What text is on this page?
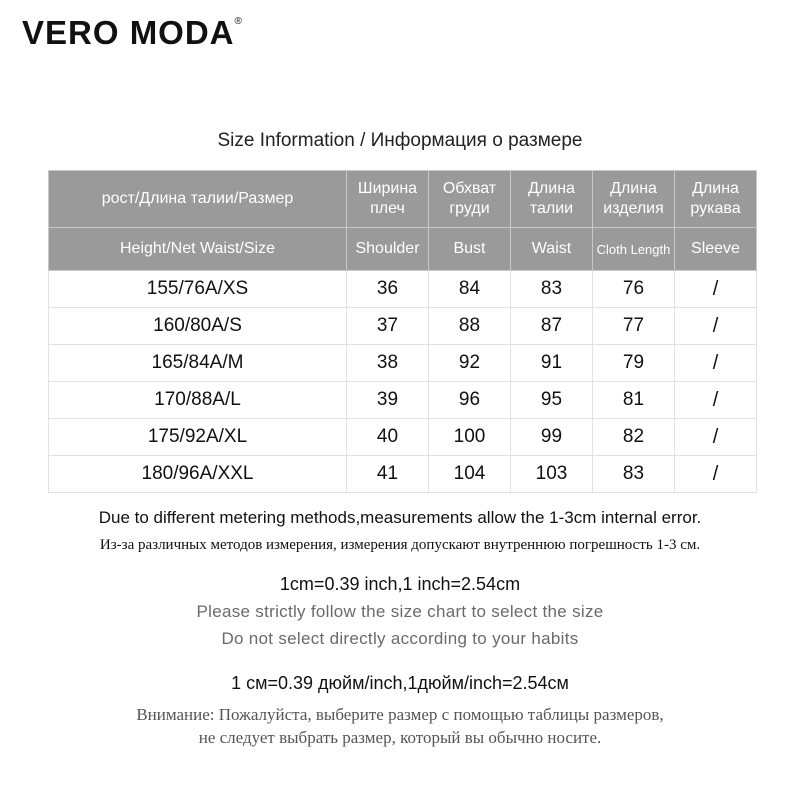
VERO MODA®
Size Information / Информация о размере
рост/Длина талии/Размер	Ширина плеч	Обхват груди	Длина талии	Длина изделия	Длина рукава
Height/Net Waist/Size	Shoulder	Bust	Waist	Cloth Length	Sleeve
155/76A/XS	36	84	83	76	/
160/80A/S	37	88	87	77	/
165/84A/M	38	92	91	79	/
170/88A/L	39	96	95	81	/
175/92A/XL	40	100	99	82	/
180/96A/XXL	41	104	103	83	/
Due to different metering methods,measurements allow the 1-3cm internal error.
Из-за различных методов измерения, измерения допускают внутреннюю погрешность 1-3 см.
1cm=0.39 inch,1 inch=2.54cm
Please strictly follow the size chart to select the size
Do not select directly according to your habits
1 см=0.39 дюйм/inch,1дюйм/inch=2.54см
Внимание: Пожалуйста, выберите размер с помощью таблицы размеров,
не следует выбрать размер, который вы обычно носите.
